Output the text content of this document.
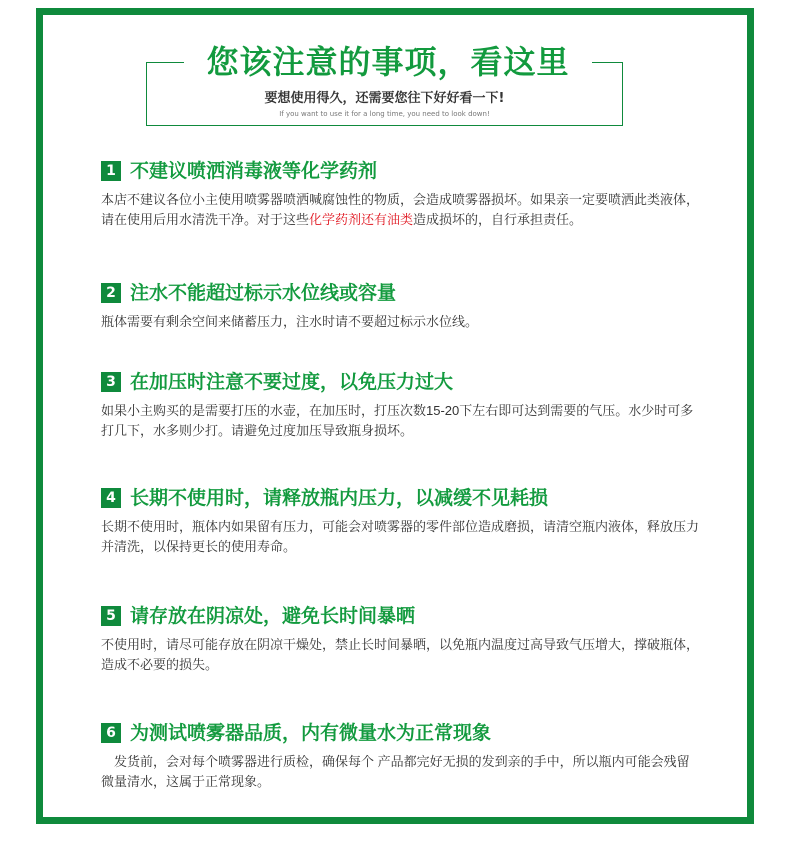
您该注意的事项，看这里
要想使用得久，还需要您往下好好看一下!
If you want to use it for a long time, you need to look down!
1 不建议喷洒消毒液等化学药剂
本店不建议各位小主使用喷雾器喷洒喊腐蚀性的物质，会造成喷雾器损坏。如果亲一定要喷洒此类液体，请在使用后用水清洗干净。对于这些化学药剂还有油类造成损坏的，自行承担责任。
2 注水不能超过标示水位线或容量
瓶体需要有剩余空间来储蓄压力，注水时请不要超过标示水位线。
3 在加压时注意不要过度，以免压力过大
如果小主购买的是需要打压的水壶，在加压时，打压次数15-20下左右即可达到需要的气压。水少时可多打几下，水多则少打。请避免过度加压导致瓶身损坏。
4 长期不使用时，请释放瓶内压力，以减缓不见耗损
长期不使用时，瓶体内如果留有压力，可能会对喷雾器的零件部位造成磨损，请清空瓶内液体，释放压力并清洗，以保持更长的使用寿命。
5 请存放在阴凉处，避免长时间暴晒
不使用时，请尽可能存放在阴凉干燥处，禁止长时间暴晒，以免瓶内温度过高导致气压增大，撑破瓶体，造成不必要的损失。
6 为测试喷雾器品质，内有微量水为正常现象
　发货前，会对每个喷雾器进行质检，确保每个 产品都完好无损的发到亲的手中，所以瓶内可能会残留微量清水，这属于正常现象。
